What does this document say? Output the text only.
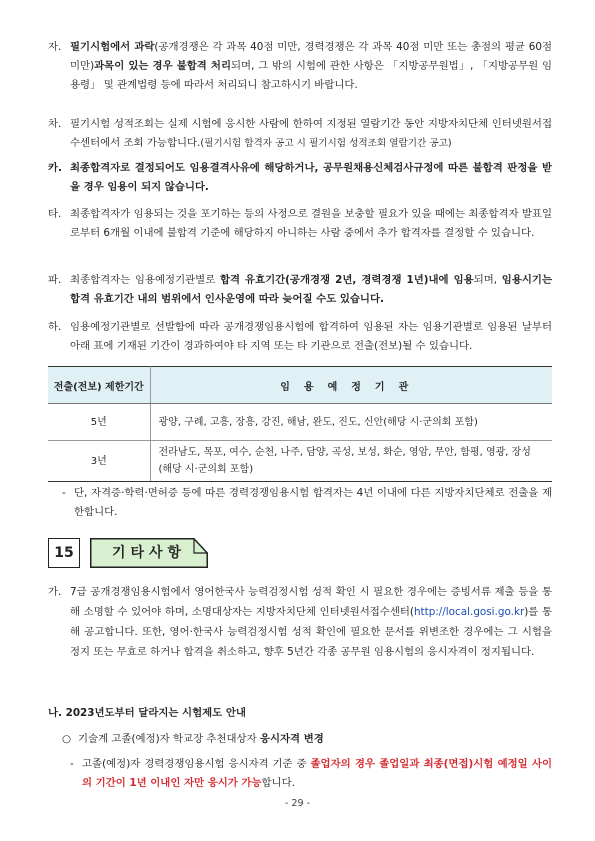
자. 필기시험에서 과락(공개경쟁은 각 과목 40점 미만, 경력경쟁은 각 과목 40점 미만 또는 총점의 평균 60점 미만)과목이 있는 경우 불합격 처리되며, 그 밖의 시험에 관한 사항은 「지방공무원법」, 「지방공무원 임용령」 및 관계법령 등에 따라서 처리되니 참고하시기 바랍니다.
차. 필기시험 성적조회는 실제 시험에 응시한 사람에 한하여 지정된 열람기간 동안 지방자치단체 인터넷원서접수센터에서 조회 가능합니다.(필기시험 합격자 공고 시 필기시험 성적조회 열람기간 공고)
카. 최종합격자로 결정되어도 임용결격사유에 해당하거나, 공무원채용신체검사규정에 따른 불합격 판정을 받을 경우 임용이 되지 않습니다.
타. 최종합격자가 임용되는 것을 포기하는 등의 사정으로 결원을 보충할 필요가 있을 때에는 최종합격자 발표일로부터 6개월 이내에 불합격 기준에 해당하지 아니하는 사람 중에서 추가 합격자를 결정할 수 있습니다.
파. 최종합격자는 임용예정기관별로 합격 유효기간(공개경쟁 2년, 경력경쟁 1년)내에 임용되며, 임용시기는 합격 유효기간 내의 범위에서 인사운영에 따라 늦어질 수도 있습니다.
하. 임용예정기관별로 선발함에 따라 공개경쟁임용시험에 합격하여 임용된 자는 임용기관별로 임용된 날부터 아래 표에 기재된 기간이 경과하여야 타 지역 또는 타 기관으로 전출(전보)될 수 있습니다.
전출(전보) 제한기간	임용예정기관
5년	광양, 구례, 고흥, 장흥, 강진, 해남, 완도, 진도, 신안(해당 시·군의회 포함)
3년	전라남도, 목포, 여수, 순천, 나주, 담양, 곡성, 보성, 화순, 영암, 무안, 함평, 영광, 장성(해당 시·군의회 포함)
- 단, 자격증·학력·면허증 등에 따른 경력경쟁임용시험 합격자는 4년 이내에 다른 지방자치단체로 전출을 제한합니다.
15	기타사항
가. 7급 공개경쟁임용시험에서 영어한국사 능력검정시험 성적 확인 시 필요한 경우에는 증빙서류 제출 등을 통해 소명할 수 있어야 하며, 소명대상자는 지방자치단체 인터넷원서접수센터(http://local.gosi.go.kr)를 통해 공고합니다. 또한, 영어·한국사 능력검정시험 성적 확인에 필요한 문서를 위변조한 경우에는 그 시험을 정지 또는 무효로 하거나 합격을 취소하고, 향후 5년간 각종 공무원 임용시험의 응시자격이 정지됩니다.
나. 2023년도부터 달라지는 시험제도 안내
○ 기술계 고졸(예정)자 학교장 추천대상자 응시자격 변경
- 고졸(예정)자 경력경쟁임용시험 응시자격 기준 중 졸업자의 경우 졸업일과 최종(면접)시험 예정일 사이의 기간이 1년 이내인 자만 응시가 가능합니다.
- 29 -
